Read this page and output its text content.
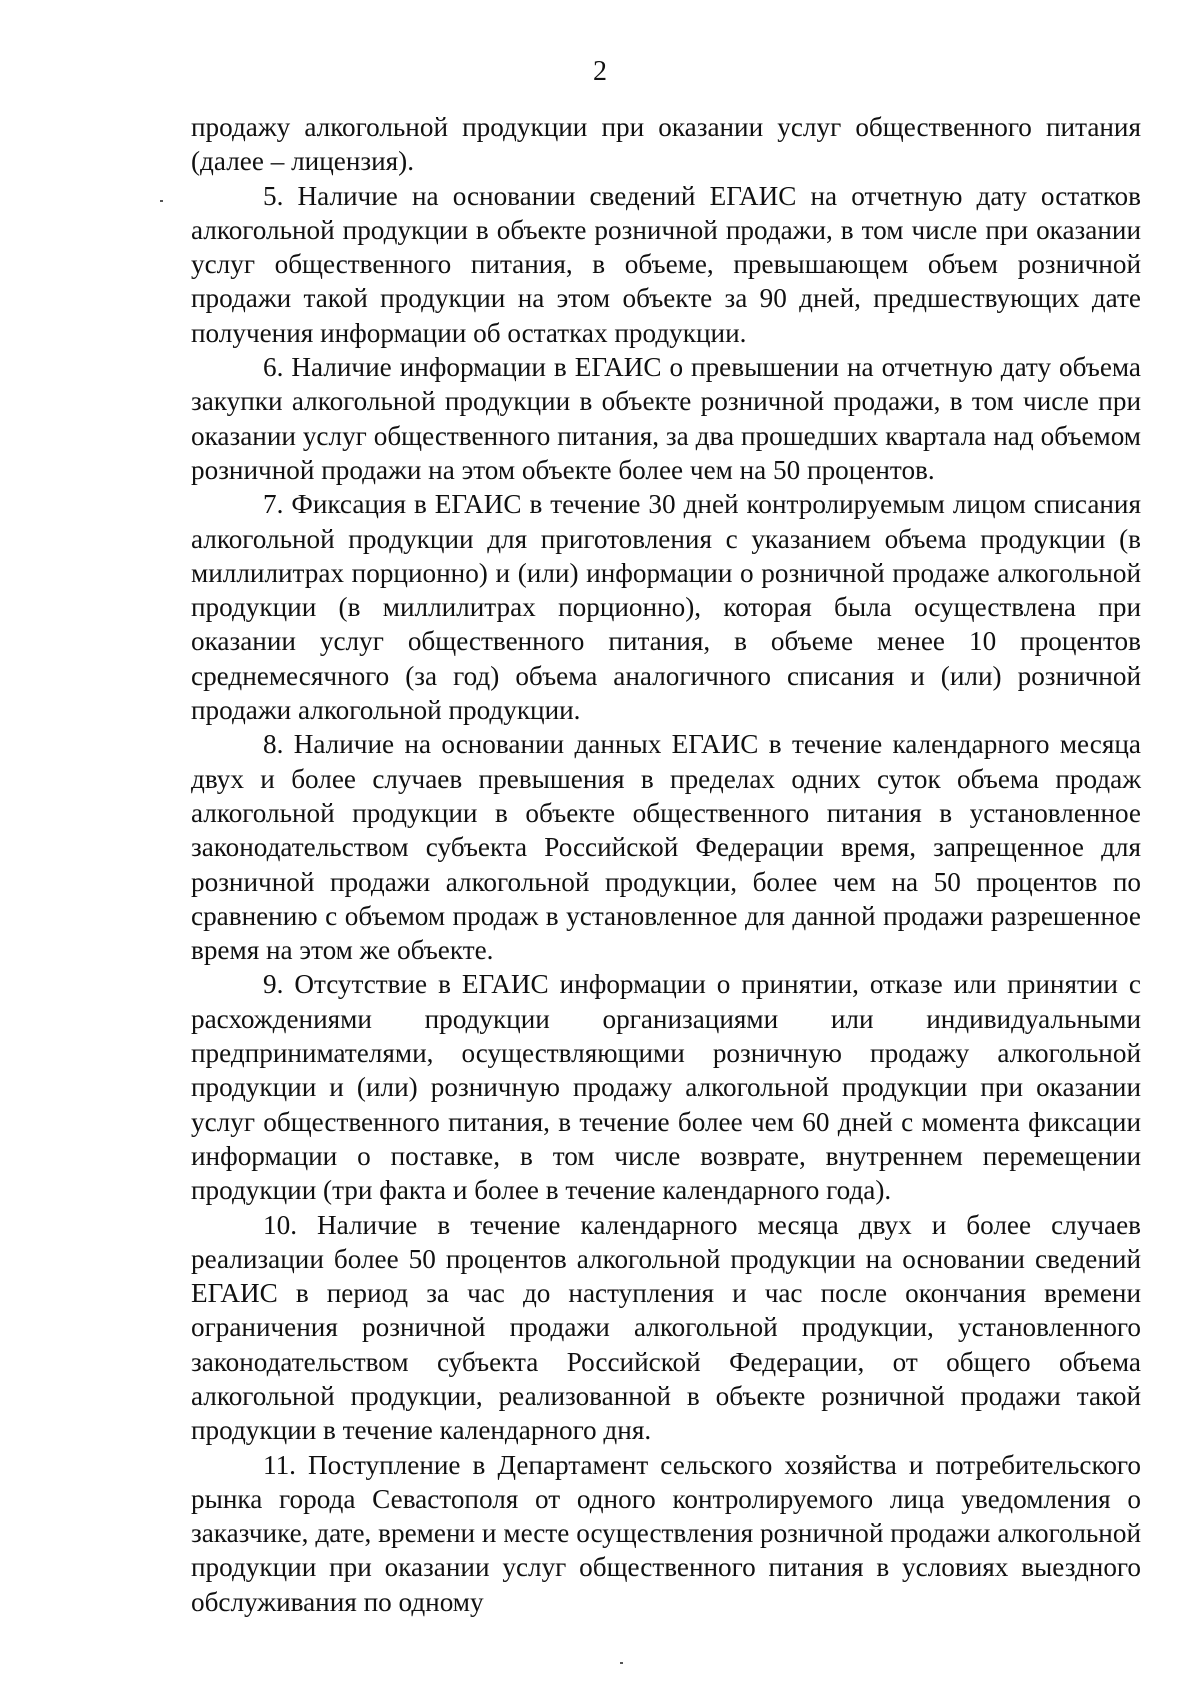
2

продажу алкогольной продукции при оказании услуг общественного питания (далее – лицензия).

5. Наличие на основании сведений ЕГАИС на отчетную дату остатков алкогольной продукции в объекте розничной продажи, в том числе при оказании услуг общественного питания, в объеме, превышающем объем розничной продажи такой продукции на этом объекте за 90 дней, предшествующих дате получения информации об остатках продукции.

6. Наличие информации в ЕГАИС о превышении на отчетную дату объема закупки алкогольной продукции в объекте розничной продажи, в том числе при оказании услуг общественного питания, за два прошедших квартала над объемом розничной продажи на этом объекте более чем на 50 процентов.

7. Фиксация в ЕГАИС в течение 30 дней контролируемым лицом списания алкогольной продукции для приготовления с указанием объема продукции (в миллилитрах порционно) и (или) информации о розничной продаже алкогольной продукции (в миллилитрах порционно), которая была осуществлена при оказании услуг общественного питания, в объеме менее 10 процентов среднемесячного (за год) объема аналогичного списания и (или) розничной продажи алкогольной продукции.

8. Наличие на основании данных ЕГАИС в течение календарного месяца двух и более случаев превышения в пределах одних суток объема продаж алкогольной продукции в объекте общественного питания в установленное законодательством субъекта Российской Федерации время, запрещенное для розничной продажи алкогольной продукции, более чем на 50 процентов по сравнению с объемом продаж в установленное для данной продажи разрешенное время на этом же объекте.

9. Отсутствие в ЕГАИС информации о принятии, отказе или принятии с расхождениями продукции организациями или индивидуальными предпринимателями, осуществляющими розничную продажу алкогольной продукции и (или) розничную продажу алкогольной продукции при оказании услуг общественного питания, в течение более чем 60 дней с момента фиксации информации о поставке, в том числе возврате, внутреннем перемещении продукции (три факта и более в течение календарного года).

10. Наличие в течение календарного месяца двух и более случаев реализации более 50 процентов алкогольной продукции на основании сведений ЕГАИС в период за час до наступления и час после окончания времени ограничения розничной продажи алкогольной продукции, установленного законодательством субъекта Российской Федерации, от общего объема алкогольной продукции, реализованной в объекте розничной продажи такой продукции в течение календарного дня.

11. Поступление в Департамент сельского хозяйства и потребительского рынка города Севастополя от одного контролируемого лица уведомления о заказчике, дате, времени и месте осуществления розничной продажи алкогольной продукции при оказании услуг общественного питания в условиях выездного обслуживания по одному
